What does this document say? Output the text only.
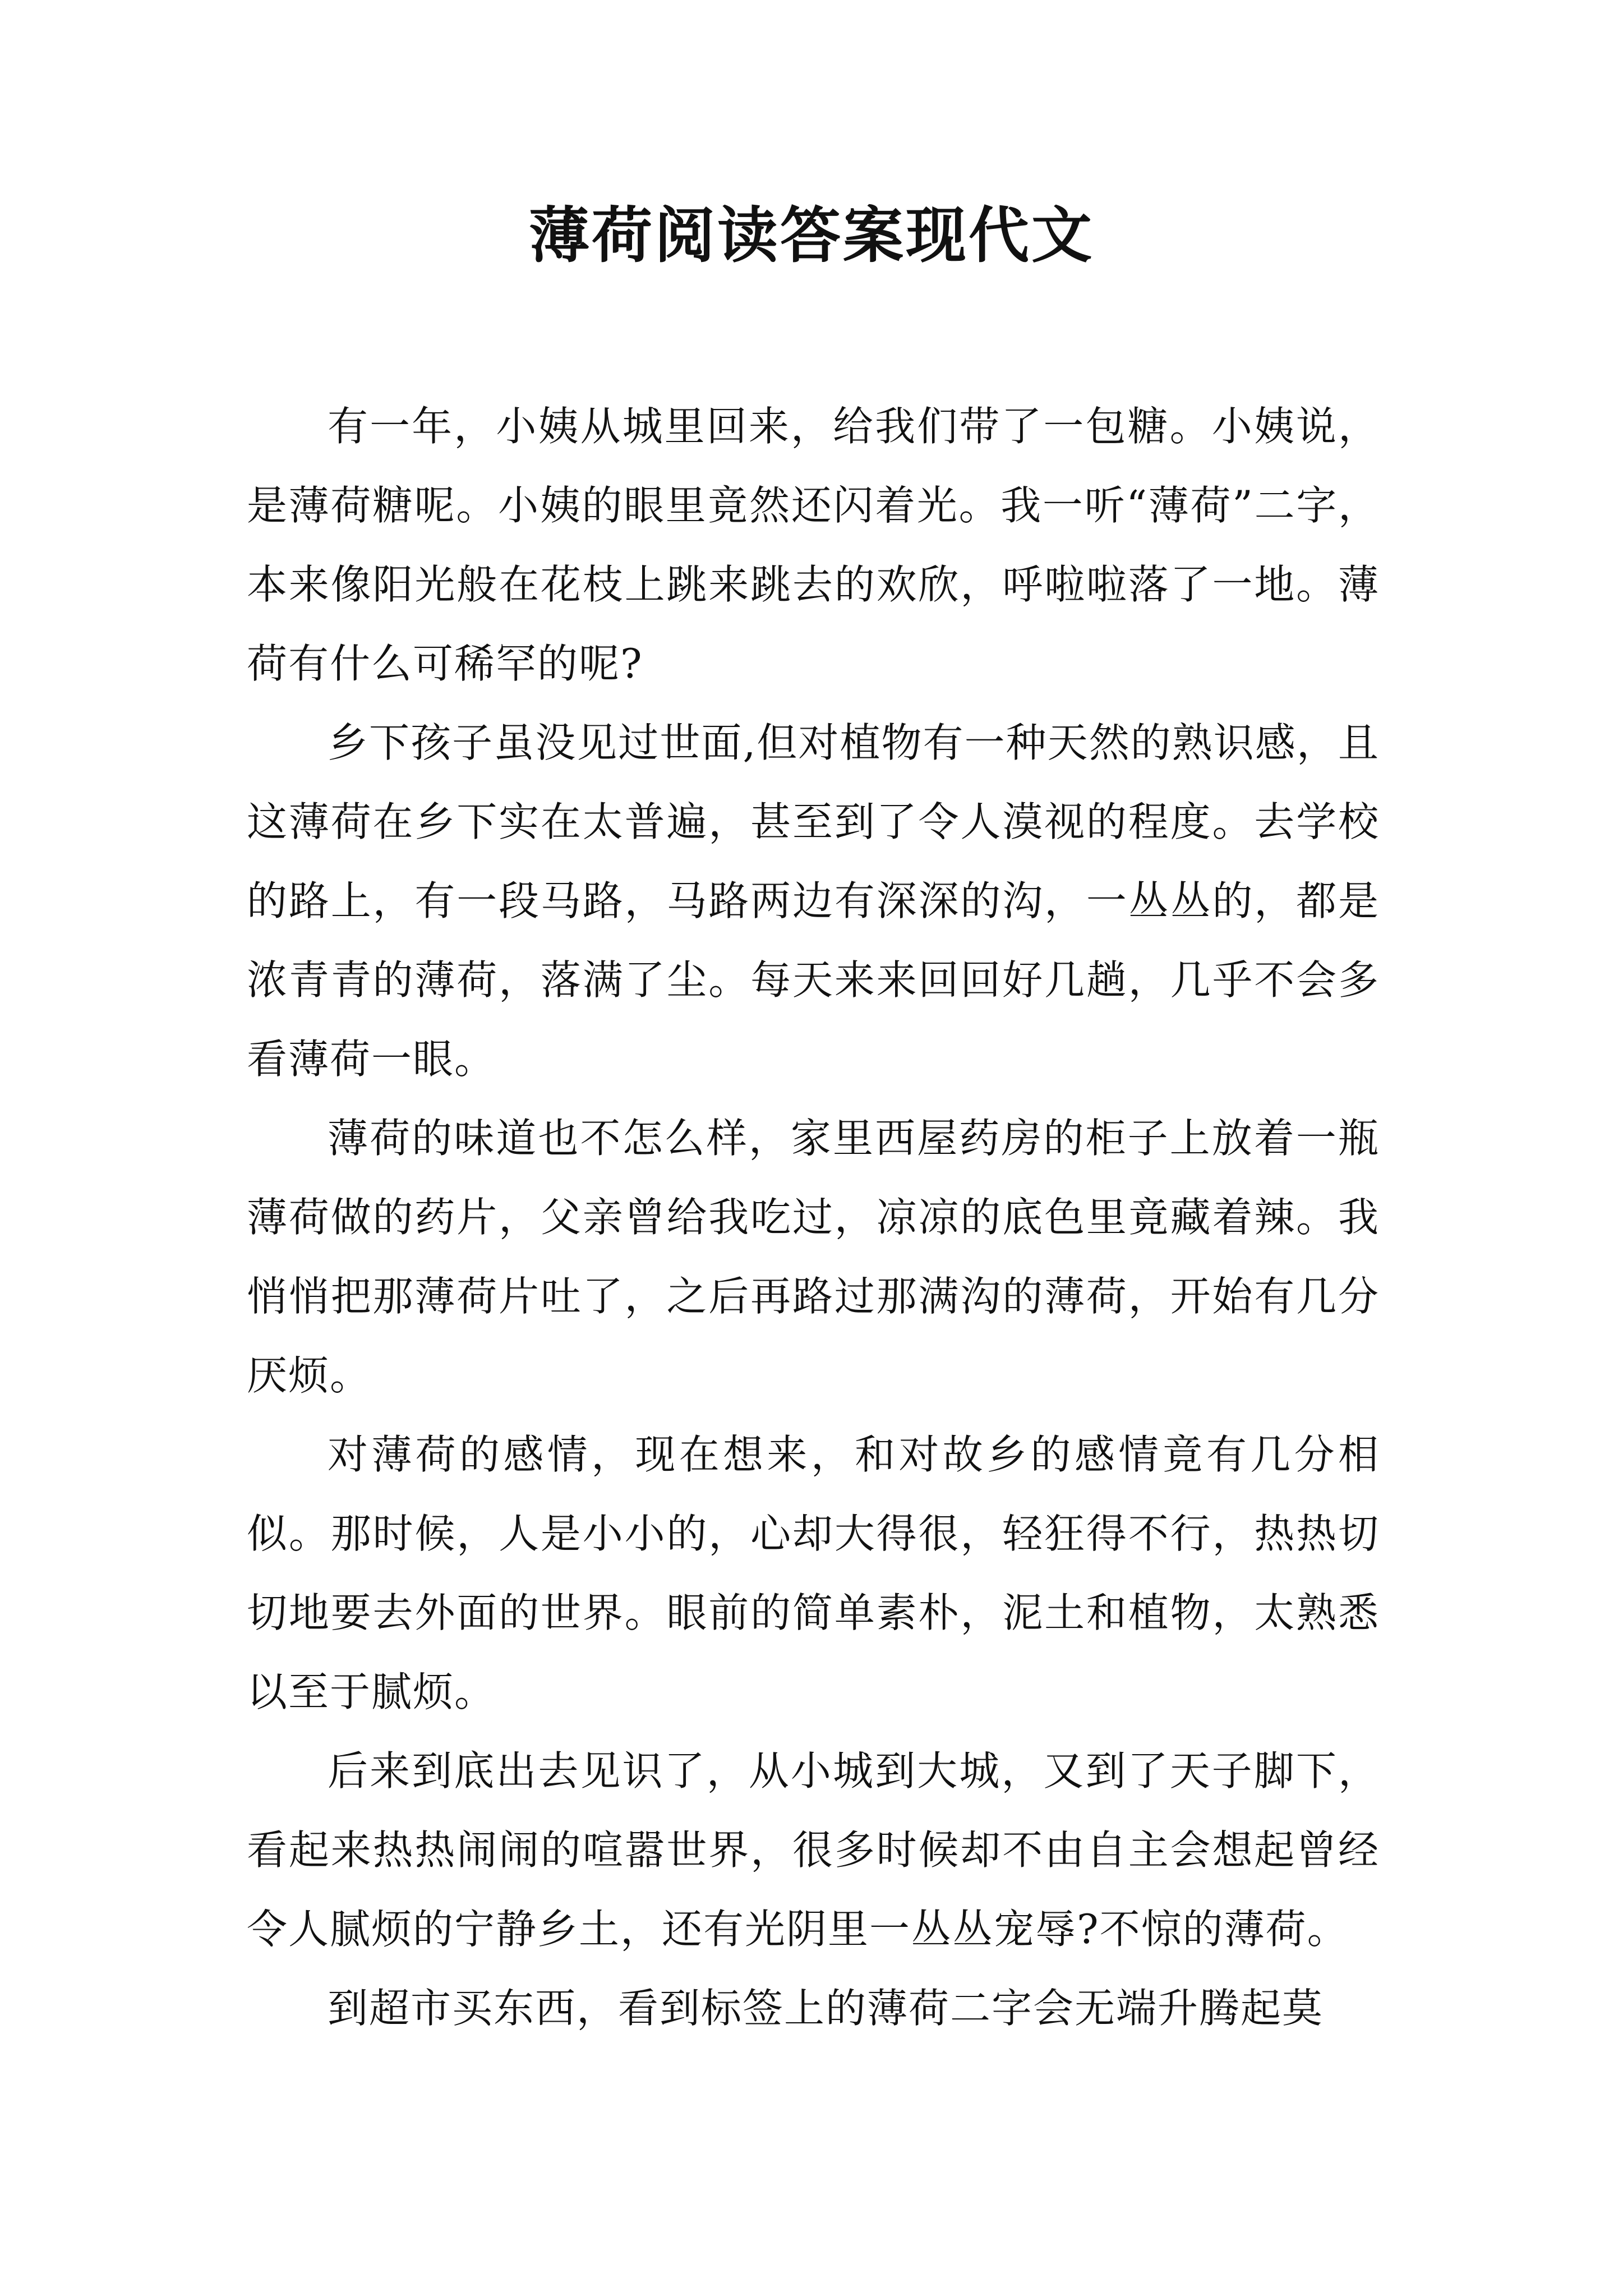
薄荷阅读答案现代文

有一年，小姨从城里回来，给我们带了一包糖。小姨说，是薄荷糖呢。小姨的眼里竟然还闪着光。我一听“薄荷”二字，本来像阳光般在花枝上跳来跳去的欢欣，呼啦啦落了一地。薄荷有什么可稀罕的呢?

乡下孩子虽没见过世面,但对植物有一种天然的熟识感，且这薄荷在乡下实在太普遍，甚至到了令人漠视的程度。去学校的路上，有一段马路，马路两边有深深的沟，一丛丛的，都是浓青青的薄荷，落满了尘。每天来来回回好几趟，几乎不会多看薄荷一眼。

薄荷的味道也不怎么样，家里西屋药房的柜子上放着一瓶薄荷做的药片，父亲曾给我吃过，凉凉的底色里竟藏着辣。我悄悄把那薄荷片吐了，之后再路过那满沟的薄荷，开始有几分厌烦。

对薄荷的感情，现在想来，和对故乡的感情竟有几分相似。那时候，人是小小的，心却大得很，轻狂得不行，热热切切地要去外面的世界。眼前的简单素朴，泥土和植物，太熟悉以至于腻烦。

后来到底出去见识了，从小城到大城，又到了天子脚下，看起来热热闹闹的喧嚣世界，很多时候却不由自主会想起曾经令人腻烦的宁静乡土，还有光阴里一丛丛宠辱?不惊的薄荷。

到超市买东西，看到标签上的薄荷二字会无端升腾起莫
